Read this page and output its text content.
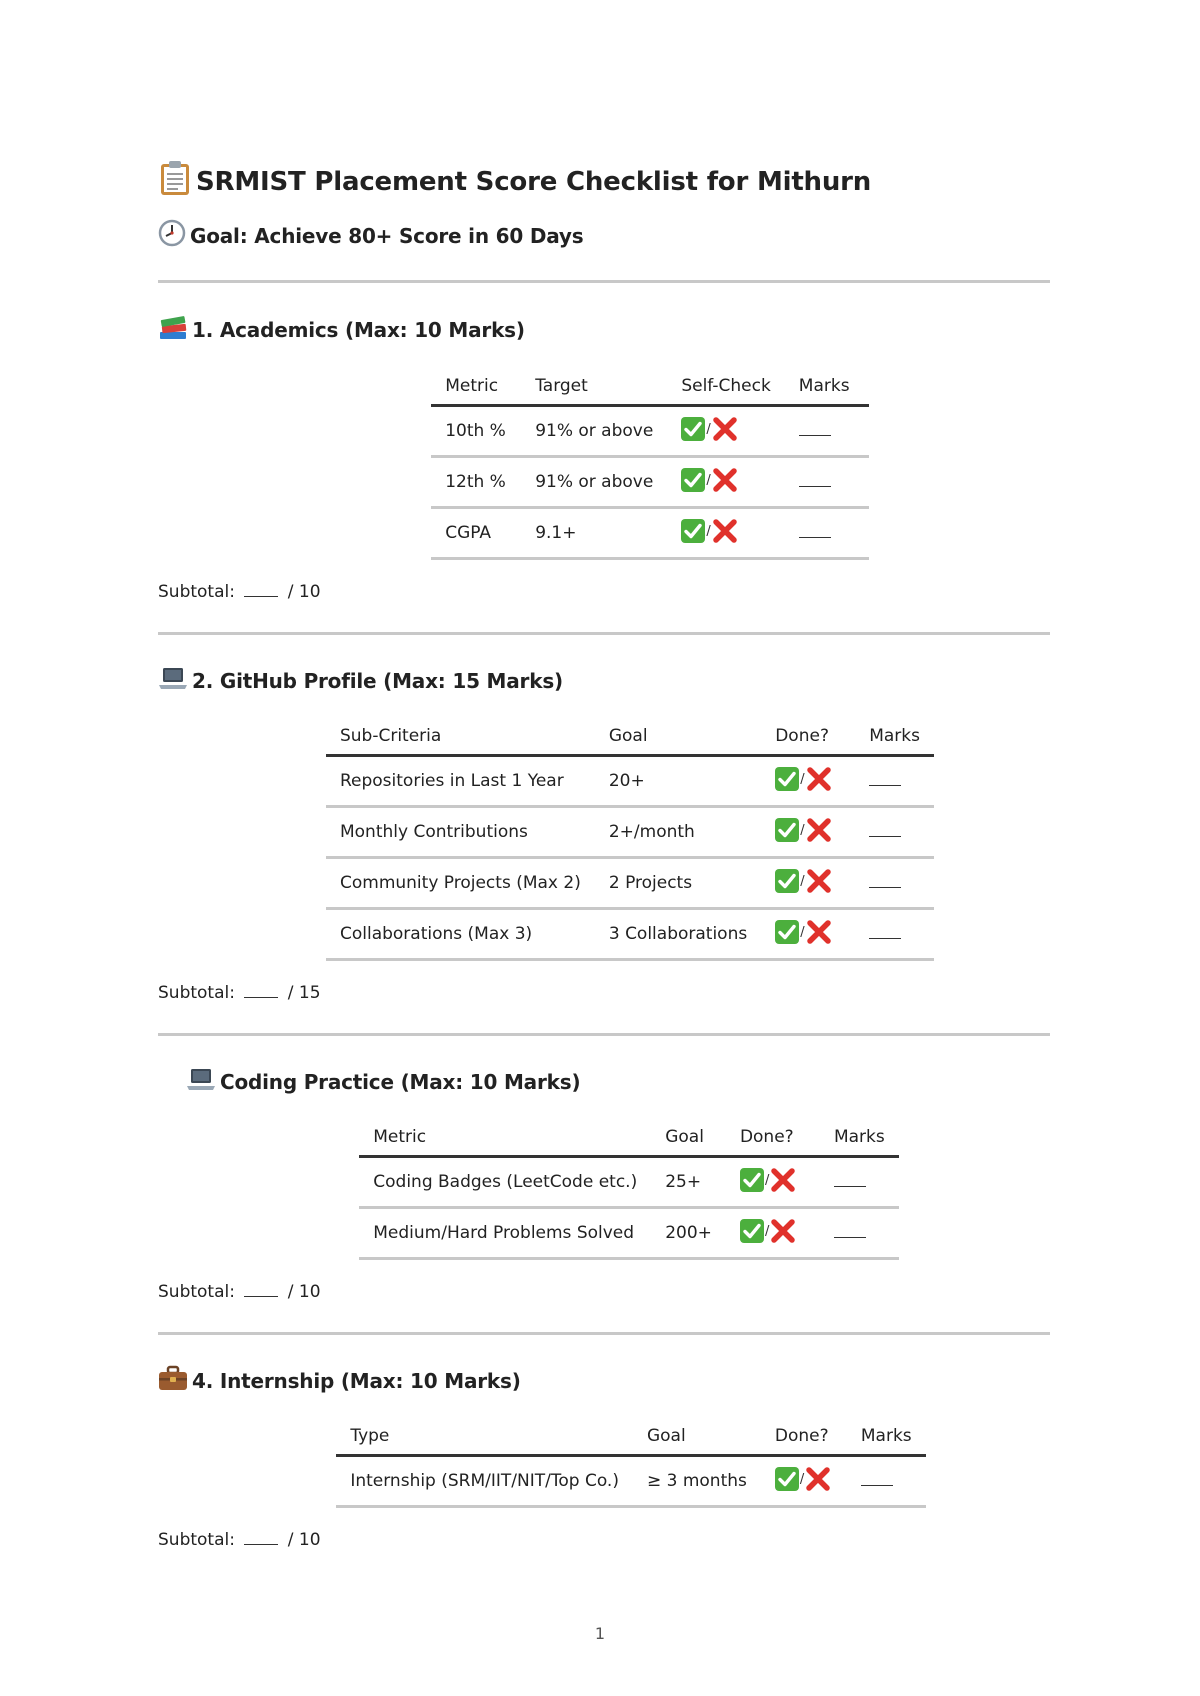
SRMIST Placement Score Checklist for Mithurn
Goal: Achieve 80+ Score in 60 Days
1. Academics (Max: 10 Marks)
Metric	Target	Self-Check	Marks
10th %	91% or above	/	

12th %	91% or above	/	

CGPA	9.1+	/	

Subtotal:	/ 10
2. GitHub Profile (Max: 15 Marks)
Sub-Criteria	Goal	Done?	Marks
Repositories in Last 1 Year	20+	/	

Monthly Contributions	2+/month	/	

Community Projects (Max 2)	2 Projects	/	

Collaborations (Max 3)	3 Collaborations	/	

Subtotal:	/ 15
Coding Practice (Max: 10 Marks)
Metric	Goal	Done?	Marks
Coding Badges (LeetCode etc.)	25+	/	

Medium/Hard Problems Solved	200+	/	

Subtotal:	/ 10
4. Internship (Max: 10 Marks)
Type	Goal	Done?	Marks
Internship (SRM/IIT/NIT/Top Co.)	≥ 3 months	/	

Subtotal:	/ 10
1
